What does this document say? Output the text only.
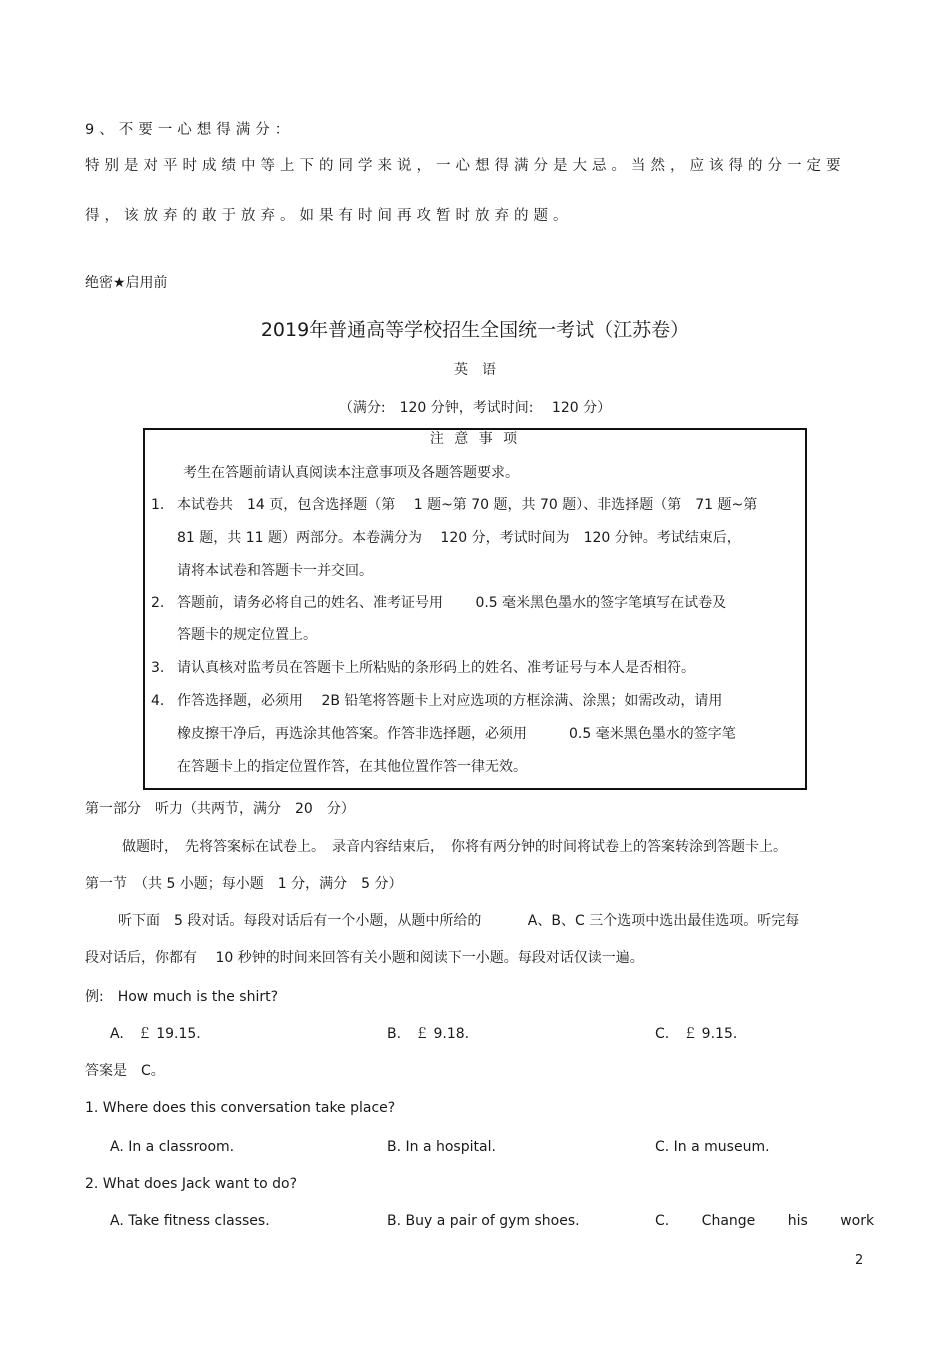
9、不要一心想得满分：
特别是对平时成绩中等上下的同学来说，一心想得满分是大忌。当然，应该得的分一定要
得，该放弃的敢于放弃。如果有时间再攻暂时放弃的题。
绝密★启用前
2019年普通高等学校招生全国统一考试（江苏卷）
英　语
（满分:　120 分钟，考试时间:　 120 分）
注 意 事 项
考生在答题前请认真阅读本注意事项及各题答题要求。
1. 本试卷共　14 页，包含选择题（第　 1 题~第 70 题，共 70 题）、非选择题（第　71 题~第
81 题，共 11 题）两部分。本卷满分为　 120 分，考试时间为　120 分钟。考试结束后，
请将本试卷和答题卡一并交回。
2. 答题前，请务必将自己的姓名、准考证号用　　 0.5 毫米黑色墨水的签字笔填写在试卷及
答题卡的规定位置上。
3. 请认真核对监考员在答题卡上所粘贴的条形码上的姓名、准考证号与本人是否相符。
4. 作答选择题，必须用　 2B 铅笔将答题卡上对应选项的方框涂满、涂黑；如需改动，请用
橡皮擦干净后，再选涂其他答案。作答非选择题，必须用　　　0.5 毫米黑色墨水的签字笔
在答题卡上的指定位置作答，在其他位置作答一律无效。
第一部分　听力（共两节，满分　20　分）
做题时，　先将答案标在试卷上。　录音内容结束后，　你将有两分钟的时间将试卷上的答案转涂到答题卡上。
第一节　（共 5 小题；每小题　1 分，满分　5 分）
听下面　5 段对话。每段对话后有一个小题，从题中所给的　　　 A、B、C 三个选项中选出最佳选项。听完每
段对话后，你都有　 10 秒钟的时间来回答有关小题和阅读下一小题。每段对话仅读一遍。
例:　How much is the shirt?
A.　￡ 19.15.	B.　￡ 9.18.	C.　￡ 9.15.
答案是　C。
1. Where does this conversation take place?
A. In a classroom.	B. In a hospital.	C. In a museum.
2. What does Jack want to do?
A. Take fitness classes.	B. Buy a pair of gym shoes.	C.　　 Change　　 his　　 work
2
